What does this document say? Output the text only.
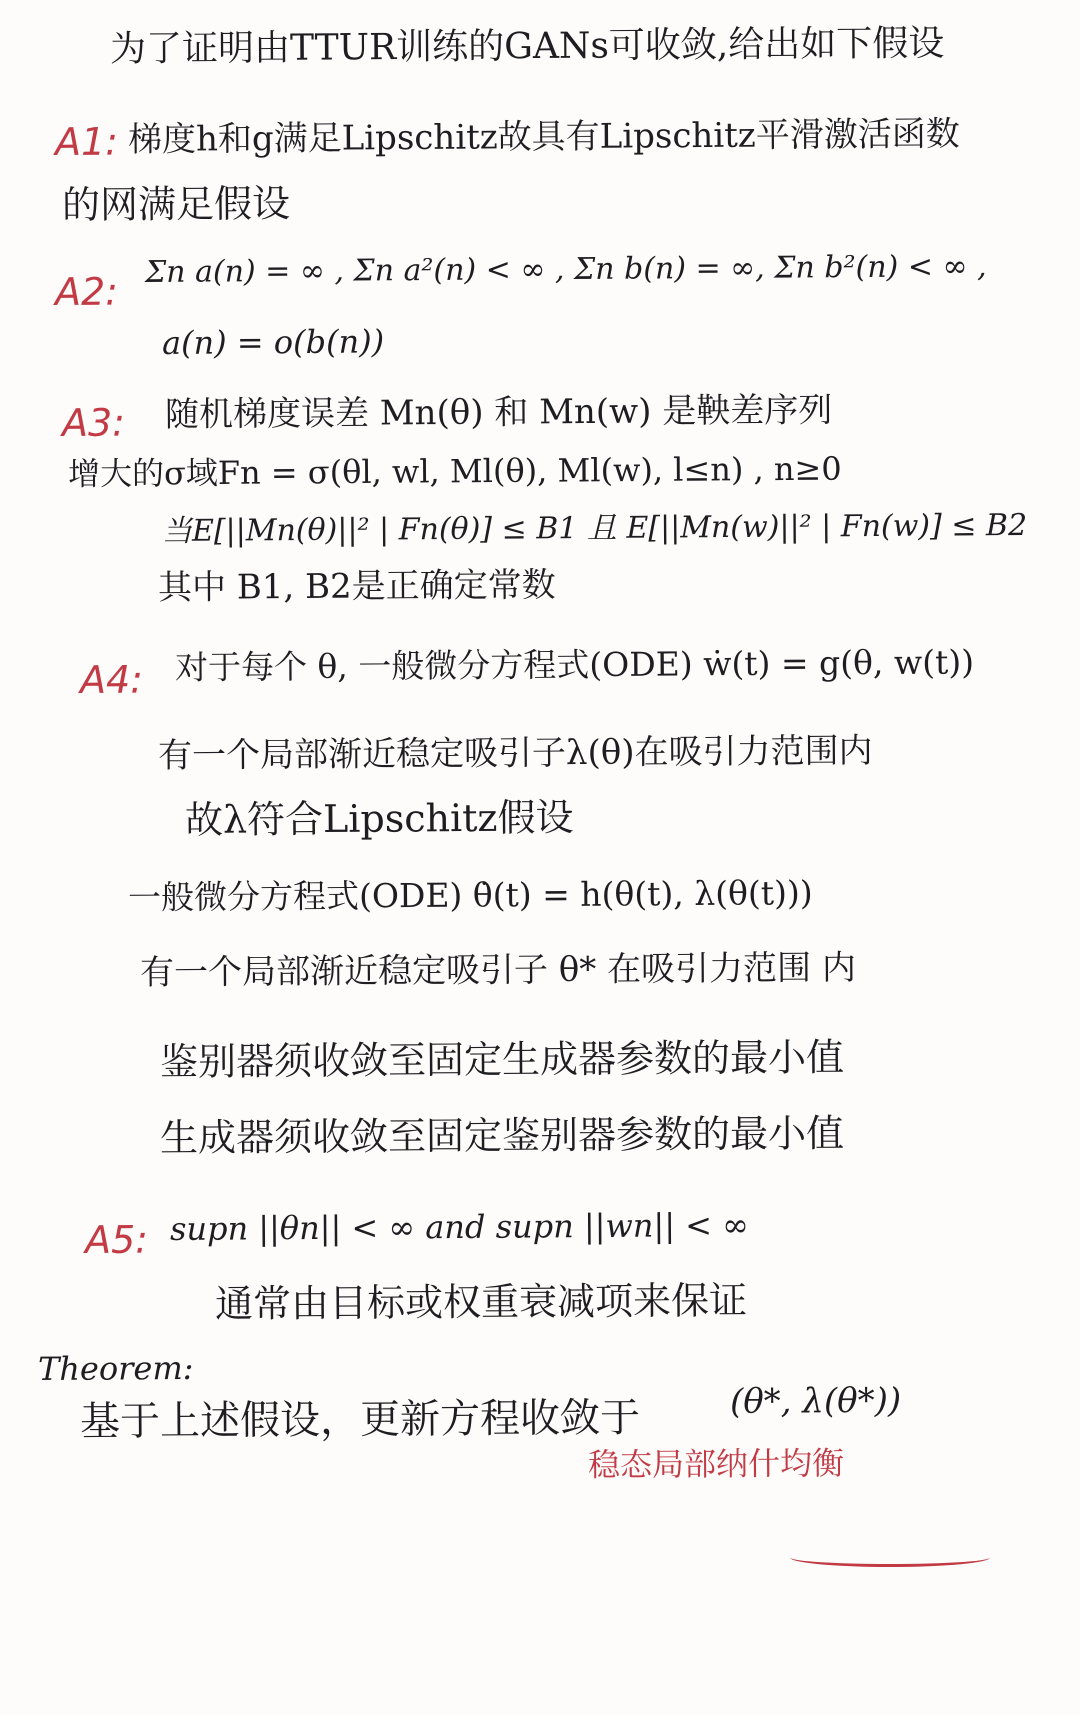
为了证明由TTUR训练的GANs可收敛,给出如下假设
A1: 梯度h和g满足Lipschitz故具有Lipschitz平滑激活函数
的网满足假设
A2: Σn a(n) = ∞ , Σn a²(n) < ∞ , Σn b(n) = ∞, Σn b²(n) < ∞ ,
a(n) = o(b(n))
A3: 随机梯度误差 Mn(θ) 和 Mn(w) 是鞅差序列
增大的σ域Fn = σ(θl, wl, Ml(θ), Ml(w), l≤n) , n≥0
当E[||Mn(θ)||² | Fn(θ)] ≤ B1 且 E[||Mn(w)||² | Fn(w)] ≤ B2
其中 B1, B2是正确定常数
A4: 对于每个 θ, 一般微分方程式(ODE) ẇ(t) = g(θ, w(t))
有一个局部渐近稳定吸引子λ(θ)在吸引力范围内
故λ符合Lipschitz假设
一般微分方程式(ODE) θ̇(t) = h(θ(t), λ(θ(t)))
有一个局部渐近稳定吸引子 θ* 在吸引力范围 内
鉴别器须收敛至固定生成器参数的最小值
生成器须收敛至固定鉴别器参数的最小值
A5: supn ||θn|| < ∞ and supn ||wn|| < ∞
通常由目标或权重衰减项来保证
Theorem:
基于上述假设，更新方程收敛于	(θ*, λ(θ*))
稳态局部纳什均衡
